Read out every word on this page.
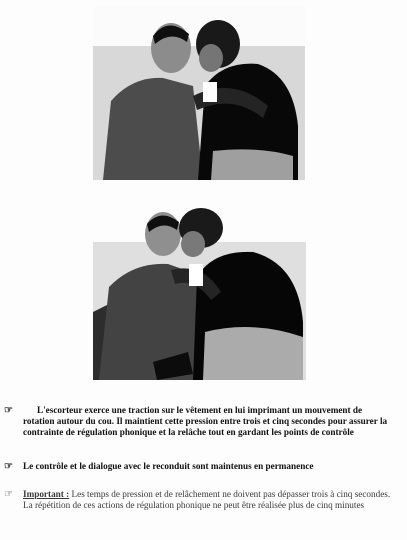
☞	L'escorteur exerce une traction sur le vêtement en lui imprimant un mouvement de rotation autour du cou. Il maintient cette pression entre trois et cinq secondes pour assurer la contrainte de régulation phonique et la relâche tout en gardant les points de contrôle
☞ Le contrôle et le dialogue avec le reconduit sont maintenus en permanence
☞ Important : Les temps de pression et de relâchement ne doivent pas dépasser trois à cinq secondes. La répétition de ces actions de régulation phonique ne peut être réalisée plus de cinq minutes
